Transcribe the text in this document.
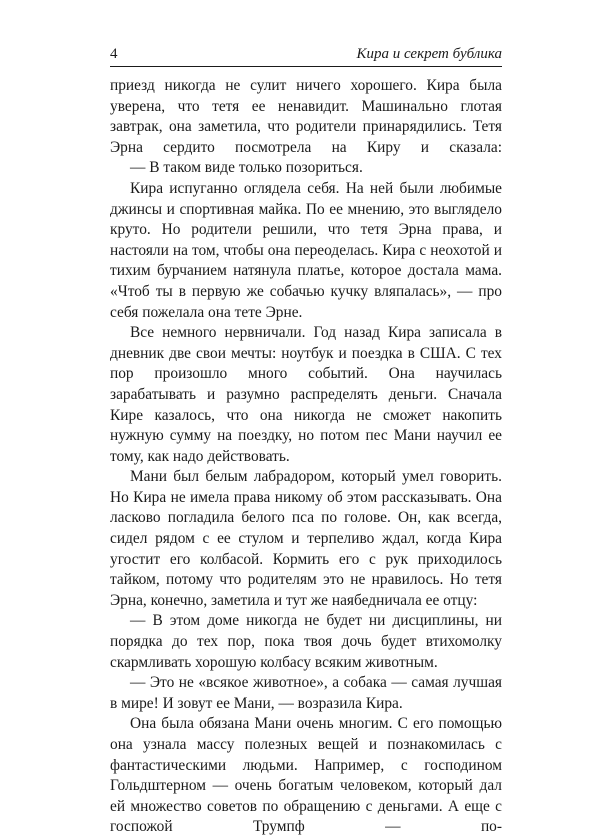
4	Кира и секрет бублика

приезд никогда не сулит ничего хорошего. Кира была уверена, что тетя ее ненавидит. Машинально глотая завтрак, она заметила, что родители принарядились. Тетя Эрна сердито посмотрела на Киру и сказала:

— В таком виде только позориться.

Кира испуганно оглядела себя. На ней были любимые джинсы и спортивная майка. По ее мнению, это выглядело круто. Но родители решили, что тетя Эрна права, и настояли на том, чтобы она переоделась. Кира с неохотой и тихим бурчанием натянула платье, которое достала мама. «Чтоб ты в первую же собачью кучку вляпалась», — про себя пожелала она тете Эрне.

Все немного нервничали. Год назад Кира записала в дневник две свои мечты: ноутбук и поездка в США. С тех пор произошло много событий. Она научилась зарабатывать и разумно распределять деньги. Сначала Кире казалось, что она никогда не сможет накопить нужную сумму на поездку, но потом пес Мани научил ее тому, как надо действовать.

Мани был белым лабрадором, который умел говорить. Но Кира не имела права никому об этом рассказывать. Она ласково погладила белого пса по голове. Он, как всегда, сидел рядом с ее стулом и терпеливо ждал, когда Кира угостит его колбасой. Кормить его с рук приходилось тайком, потому что родителям это не нравилось. Но тетя Эрна, конечно, заметила и тут же наябедничала ее отцу:

— В этом доме никогда не будет ни дисциплины, ни порядка до тех пор, пока твоя дочь будет втихомолку скармливать хорошую колбасу всяким животным.

— Это не «всякое животное», а собака — самая лучшая в мире! И зовут ее Мани, — возразила Кира.

Она была обязана Мани очень многим. С его помощью она узнала массу полезных вещей и познакомилась с фантастическими людьми. Например, с господином Гольдштерном — очень богатым человеком, который дал ей множество советов по обращению с деньгами. А еще с госпожой Трумпф — по-
